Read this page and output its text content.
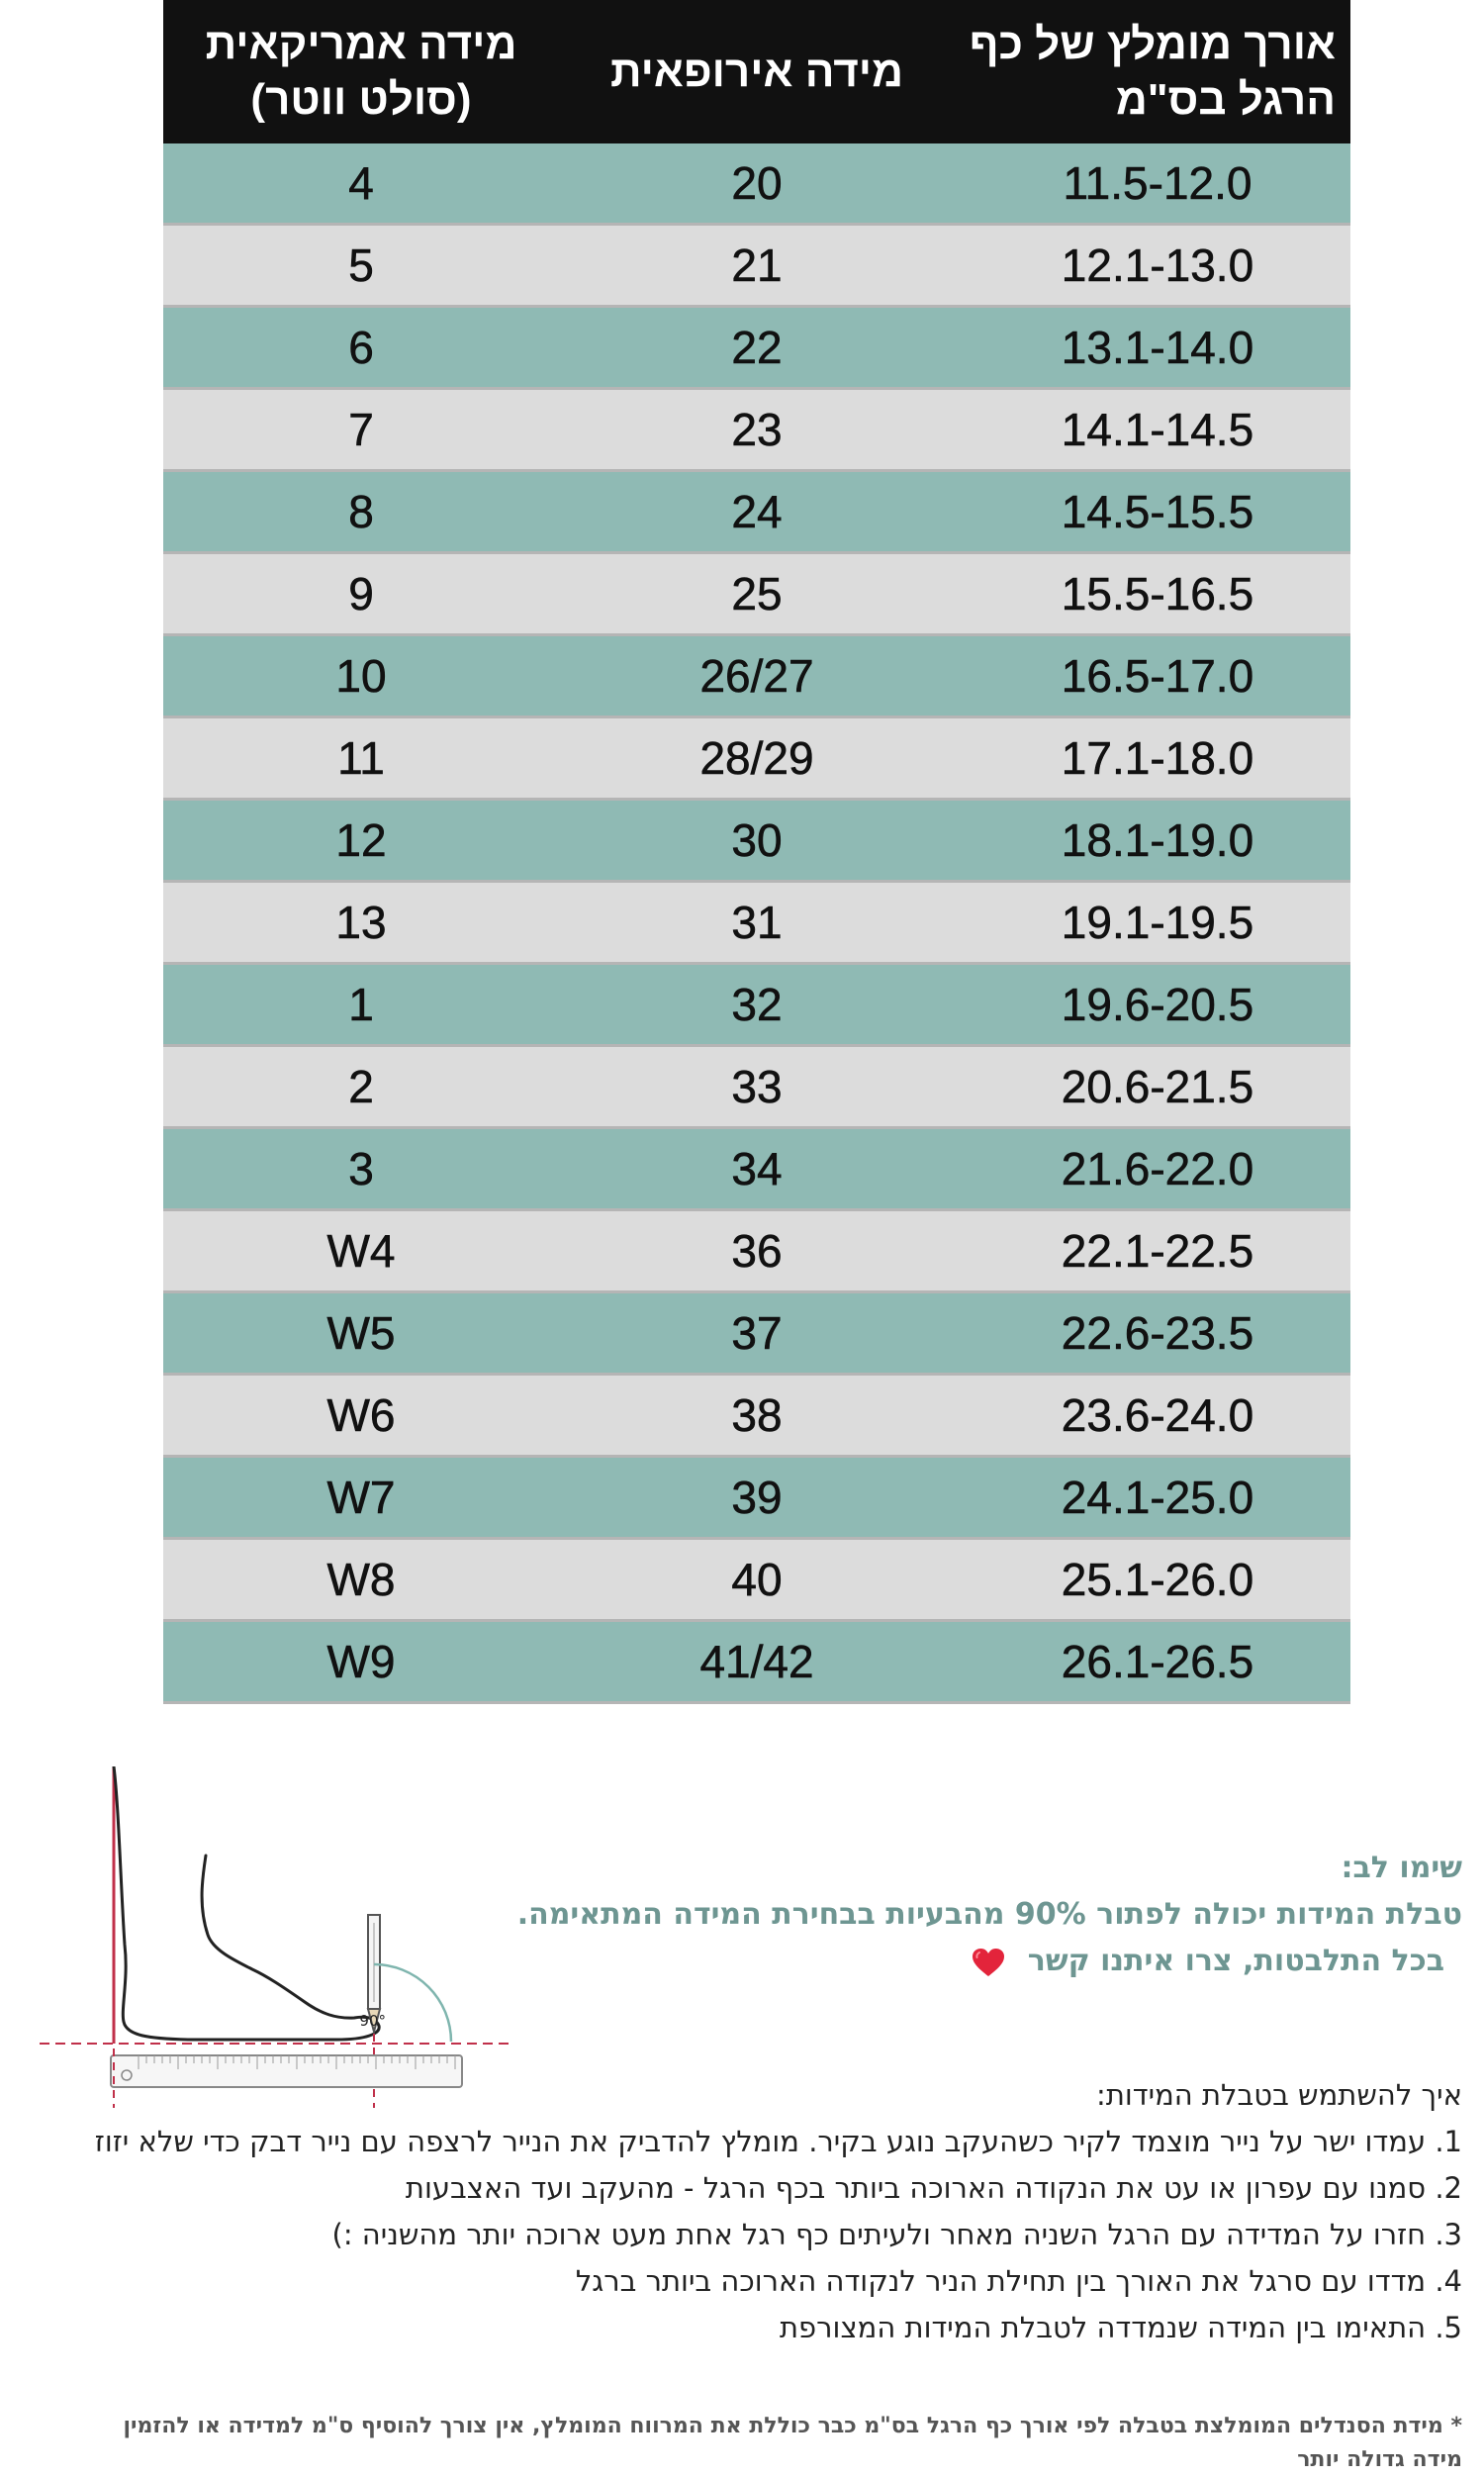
אורך מומלץ של כף
הרגל בס"מ
מידה אירופאית
מידה אמריקאית
(סולט ווטר)
11.5-12.0
20
4
12.1-13.0
21
5
13.1-14.0
22
6
14.1-14.5
23
7
14.5-15.5
24
8
15.5-16.5
25
9
16.5-17.0
26/27
10
17.1-18.0
28/29
11
18.1-19.0
30
12
19.1-19.5
31
13
19.6-20.5
32
1
20.6-21.5
33
2
21.6-22.0
34
3
22.1-22.5
36
W4
22.6-23.5
37
W5
23.6-24.0
38
W6
24.1-25.0
39
W7
25.1-26.0
40
W8
26.1-26.5
41/42
W9
90°
שימו לב:
טבלת המידות יכולה לפתור 90% מהבעיות בבחירת המידה המתאימה.
בכל התלבטות, צרו איתנו קשר
איך להשתמש בטבלת המידות:
1. עמדו ישר על נייר מוצמד לקיר כשהעקב נוגע בקיר. מומלץ להדביק את הנייר לרצפה עם נייר דבק כדי שלא יזוז
2. סמנו עם עפרון או עט את הנקודה הארוכה ביותר בכף הרגל - מהעקב ועד האצבעות
3. חזרו על המדידה עם הרגל השניה מאחר ולעיתים כף רגל אחת מעט ארוכה יותר מהשניה :)
4. מדדו עם סרגל את האורך בין תחילת הניר לנקודה הארוכה ביותר ברגל
5. התאימו בין המידה שנמדדה לטבלת המידות המצורפת
* מידת הסנדלים המומלצת בטבלה לפי אורך כף הרגל בס"מ כבר כוללת את המרווח המומלץ, אין צורך להוסיף ס"מ למדידה או להזמין
מידה גדולה יותר
